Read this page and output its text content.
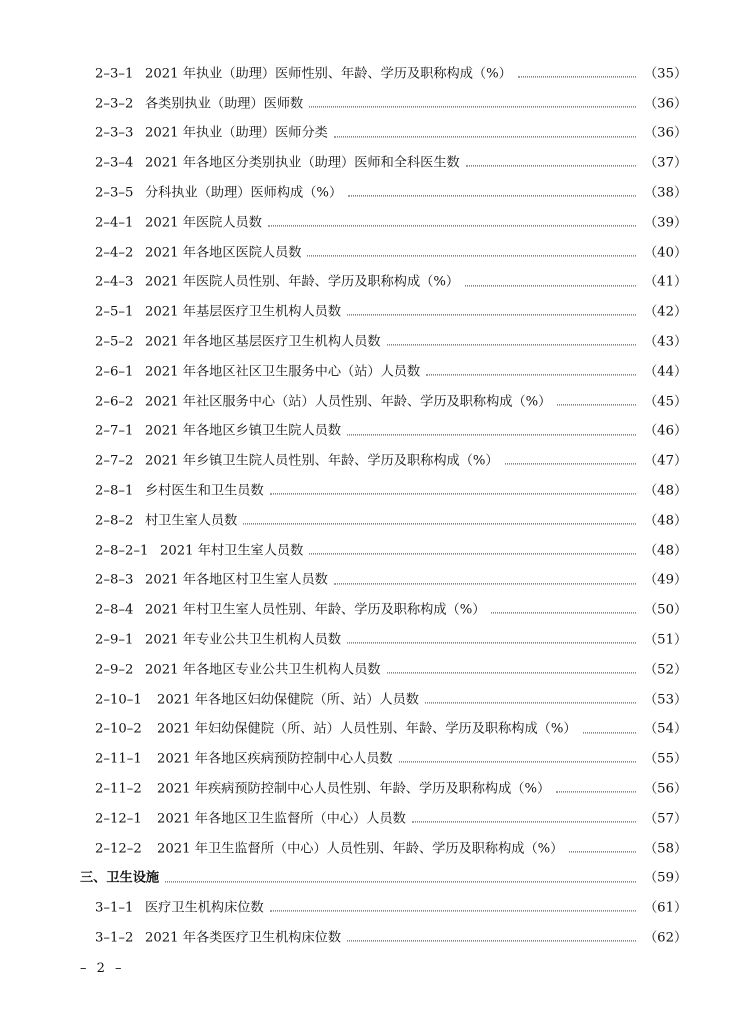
2–3–1 2021 年执业（助理）医师性别、年龄、学历及职称构成（%）	（35）
2–3–2 各类别执业（助理）医师数	（36）
2–3–3 2021 年执业（助理）医师分类	（36）
2–3–4 2021 年各地区分类别执业（助理）医师和全科医生数	（37）
2–3–5 分科执业（助理）医师构成（%）	（38）
2–4–1 2021 年医院人员数	（39）
2–4–2 2021 年各地区医院人员数	（40）
2–4–3 2021 年医院人员性别、年龄、学历及职称构成（%）	（41）
2–5–1 2021 年基层医疗卫生机构人员数	（42）
2–5–2 2021 年各地区基层医疗卫生机构人员数	（43）
2–6–1 2021 年各地区社区卫生服务中心（站）人员数	（44）
2–6–2 2021 年社区服务中心（站）人员性别、年龄、学历及职称构成（%）	（45）
2–7–1 2021 年各地区乡镇卫生院人员数	（46）
2–7–2 2021 年乡镇卫生院人员性别、年龄、学历及职称构成（%）	（47）
2–8–1 乡村医生和卫生员数	（48）
2–8–2 村卫生室人员数	（48）
2–8–2–1 2021 年村卫生室人员数	（48）
2–8–3 2021 年各地区村卫生室人员数	（49）
2–8–4 2021 年村卫生室人员性别、年龄、学历及职称构成（%）	（50）
2–9–1 2021 年专业公共卫生机构人员数	（51）
2–9–2 2021 年各地区专业公共卫生机构人员数	（52）
2–10–1 2021 年各地区妇幼保健院（所、站）人员数	（53）
2–10–2 2021 年妇幼保健院（所、站）人员性别、年龄、学历及职称构成（%）	（54）
2–11–1 2021 年各地区疾病预防控制中心人员数	（55）
2–11–2 2021 年疾病预防控制中心人员性别、年龄、学历及职称构成（%）	（56）
2–12–1 2021 年各地区卫生监督所（中心）人员数	（57）
2–12–2 2021 年卫生监督所（中心）人员性别、年龄、学历及职称构成（%）	（58）
三、卫生设施	（59）
3–1–1 医疗卫生机构床位数	（61）
3–1–2 2021 年各类医疗卫生机构床位数	（62）
– 2 –
